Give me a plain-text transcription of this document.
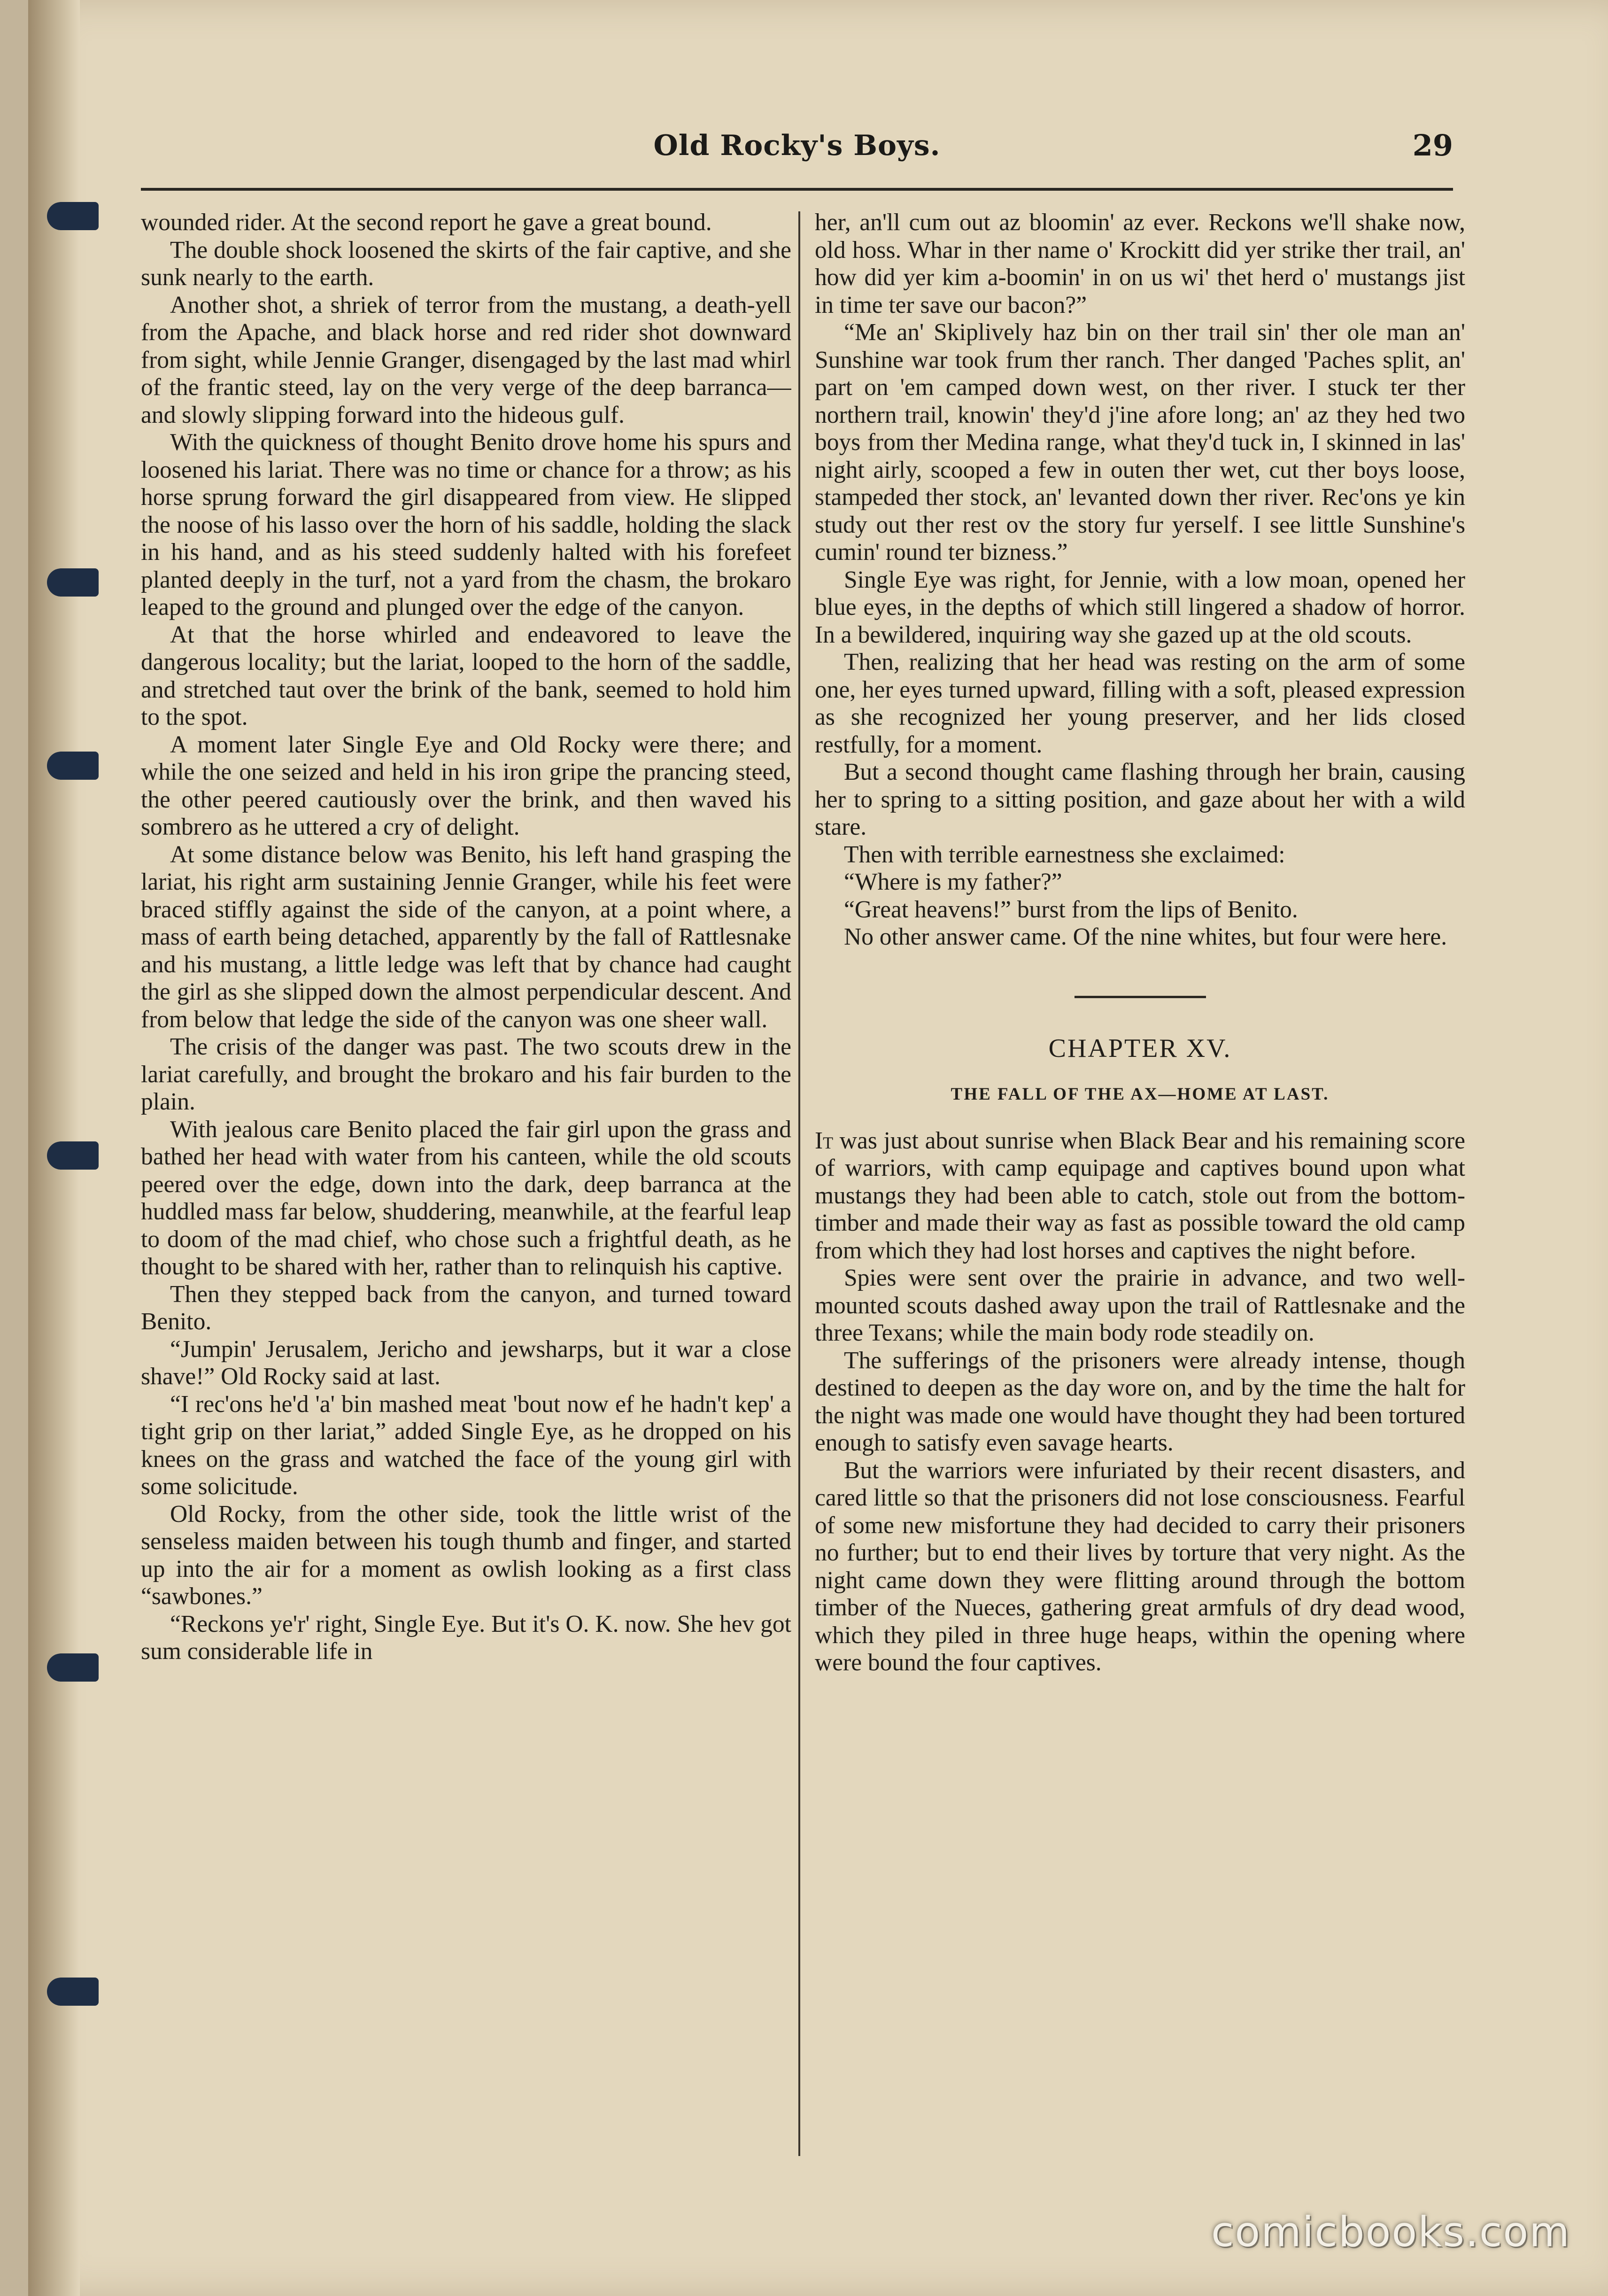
Old Rocky's Boys.	29

wounded rider. At the second report he gave a great bound.

The double shock loosened the skirts of the fair captive, and she sunk nearly to the earth.

Another shot, a shriek of terror from the mustang, a death-yell from the Apache, and black horse and red rider shot downward from sight, while Jennie Granger, disengaged by the last mad whirl of the frantic steed, lay on the very verge of the deep barranca—and slowly slipping forward into the hideous gulf.

With the quickness of thought Benito drove home his spurs and loosened his lariat. There was no time or chance for a throw; as his horse sprung forward the girl disappeared from view. He slipped the noose of his lasso over the horn of his saddle, holding the slack in his hand, and as his steed suddenly halted with his forefeet planted deeply in the turf, not a yard from the chasm, the brokaro leaped to the ground and plunged over the edge of the canyon.

At that the horse whirled and endeavored to leave the dangerous locality; but the lariat, looped to the horn of the saddle, and stretched taut over the brink of the bank, seemed to hold him to the spot.

A moment later Single Eye and Old Rocky were there; and while the one seized and held in his iron gripe the prancing steed, the other peered cautiously over the brink, and then waved his sombrero as he uttered a cry of delight.

At some distance below was Benito, his left hand grasping the lariat, his right arm sustaining Jennie Granger, while his feet were braced stiffly against the side of the canyon, at a point where, a mass of earth being detached, apparently by the fall of Rattlesnake and his mustang, a little ledge was left that by chance had caught the girl as she slipped down the almost perpendicular descent. And from below that ledge the side of the canyon was one sheer wall.

The crisis of the danger was past. The two scouts drew in the lariat carefully, and brought the brokaro and his fair burden to the plain.

With jealous care Benito placed the fair girl upon the grass and bathed her head with water from his canteen, while the old scouts peered over the edge, down into the dark, deep barranca at the huddled mass far below, shuddering, meanwhile, at the fearful leap to doom of the mad chief, who chose such a frightful death, as he thought to be shared with her, rather than to relinquish his captive.

Then they stepped back from the canyon, and turned toward Benito.

“Jumpin' Jerusalem, Jericho and jewsharps, but it war a close shave!” Old Rocky said at last.

“I rec'ons he'd 'a' bin mashed meat 'bout now ef he hadn't kep' a tight grip on ther lariat,” added Single Eye, as he dropped on his knees on the grass and watched the face of the young girl with some solicitude.

Old Rocky, from the other side, took the little wrist of the senseless maiden between his tough thumb and finger, and started up into the air for a moment as owlish looking as a first class “sawbones.”

“Reckons ye'r' right, Single Eye. But it's O. K. now. She hev got sum considerable life in

her, an'll cum out az bloomin' az ever. Reckons we'll shake now, old hoss. Whar in ther name o' Krockitt did yer strike ther trail, an' how did yer kim a-boomin' in on us wi' thet herd o' mustangs jist in time ter save our bacon?”

“Me an' Skiplively haz bin on ther trail sin' ther ole man an' Sunshine war took frum ther ranch. Ther danged 'Paches split, an' part on 'em camped down west, on ther river. I stuck ter ther northern trail, knowin' they'd j'ine afore long; an' az they hed two boys from ther Medina range, what they'd tuck in, I skinned in las' night airly, scooped a few in outen ther wet, cut ther boys loose, stampeded ther stock, an' levanted down ther river. Rec'ons ye kin study out ther rest ov the story fur yerself. I see little Sunshine's cumin' round ter bizness.”

Single Eye was right, for Jennie, with a low moan, opened her blue eyes, in the depths of which still lingered a shadow of horror. In a bewildered, inquiring way she gazed up at the old scouts.

Then, realizing that her head was resting on the arm of some one, her eyes turned upward, filling with a soft, pleased expression as she recognized her young preserver, and her lids closed restfully, for a moment.

But a second thought came flashing through her brain, causing her to spring to a sitting position, and gaze about her with a wild stare.

Then with terrible earnestness she exclaimed:

“Where is my father?”

“Great heavens!” burst from the lips of Benito.

No other answer came. Of the nine whites, but four were here.

CHAPTER XV.

THE FALL OF THE AX—HOME AT LAST.

It was just about sunrise when Black Bear and his remaining score of warriors, with camp equipage and captives bound upon what mustangs they had been able to catch, stole out from the bottom-timber and made their way as fast as possible toward the old camp from which they had lost horses and captives the night before.

Spies were sent over the prairie in advance, and two well-mounted scouts dashed away upon the trail of Rattlesnake and the three Texans; while the main body rode steadily on.

The sufferings of the prisoners were already intense, though destined to deepen as the day wore on, and by the time the halt for the night was made one would have thought they had been tortured enough to satisfy even savage hearts.

But the warriors were infuriated by their recent disasters, and cared little so that the prisoners did not lose consciousness. Fearful of some new misfortune they had decided to carry their prisoners no further; but to end their lives by torture that very night. As the night came down they were flitting around through the bottom timber of the Nueces, gathering great armfuls of dry dead wood, which they piled in three huge heaps, within the opening where were bound the four captives.

comicbooks.com
